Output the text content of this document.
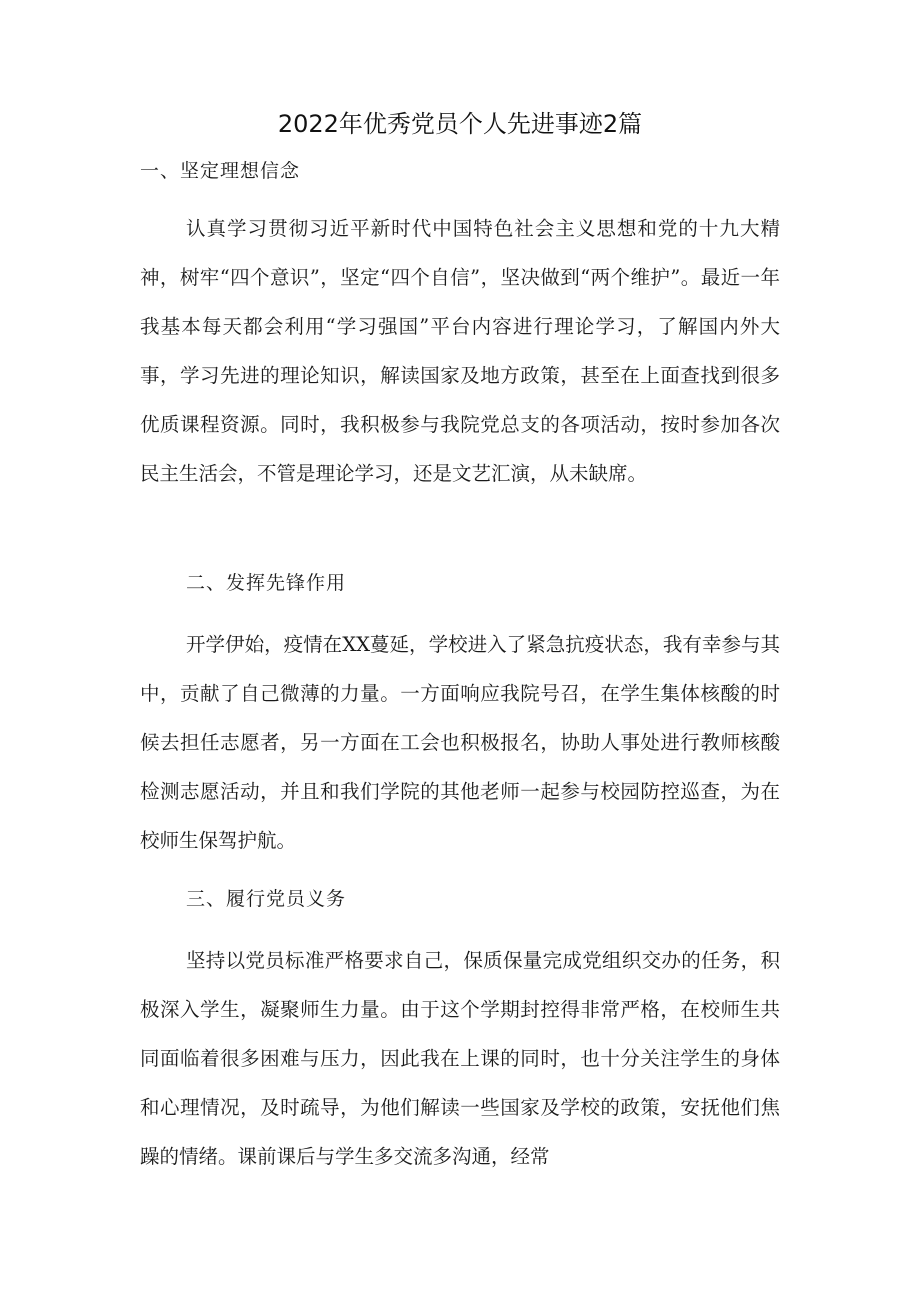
2022年优秀党员个人先进事迹2篇
一、坚定理想信念

认真学习贯彻习近平新时代中国特色社会主义思想和党的十九大精神，树牢“四个意识”，坚定“四个自信”，坚决做到“两个维护”。最近一年我基本每天都会利用“学习强国”平台内容进行理论学习，了解国内外大事，学习先进的理论知识，解读国家及地方政策，甚至在上面查找到很多优质课程资源。同时，我积极参与我院党总支的各项活动，按时参加各次民主生活会，不管是理论学习，还是文艺汇演，从未缺席。

二、发挥先锋作用

开学伊始，疫情在XX蔓延，学校进入了紧急抗疫状态，我有幸参与其中，贡献了自己微薄的力量。一方面响应我院号召，在学生集体核酸的时候去担任志愿者，另一方面在工会也积极报名，协助人事处进行教师核酸检测志愿活动，并且和我们学院的其他老师一起参与校园防控巡查，为在校师生保驾护航。

三、履行党员义务

坚持以党员标准严格要求自己，保质保量完成党组织交办的任务，积极深入学生，凝聚师生力量。由于这个学期封控得非常严格，在校师生共同面临着很多困难与压力，因此我在上课的同时，也十分关注学生的身体和心理情况，及时疏导，为他们解读一些国家及学校的政策，安抚他们焦躁的情绪。课前课后与学生多交流多沟通，经常
